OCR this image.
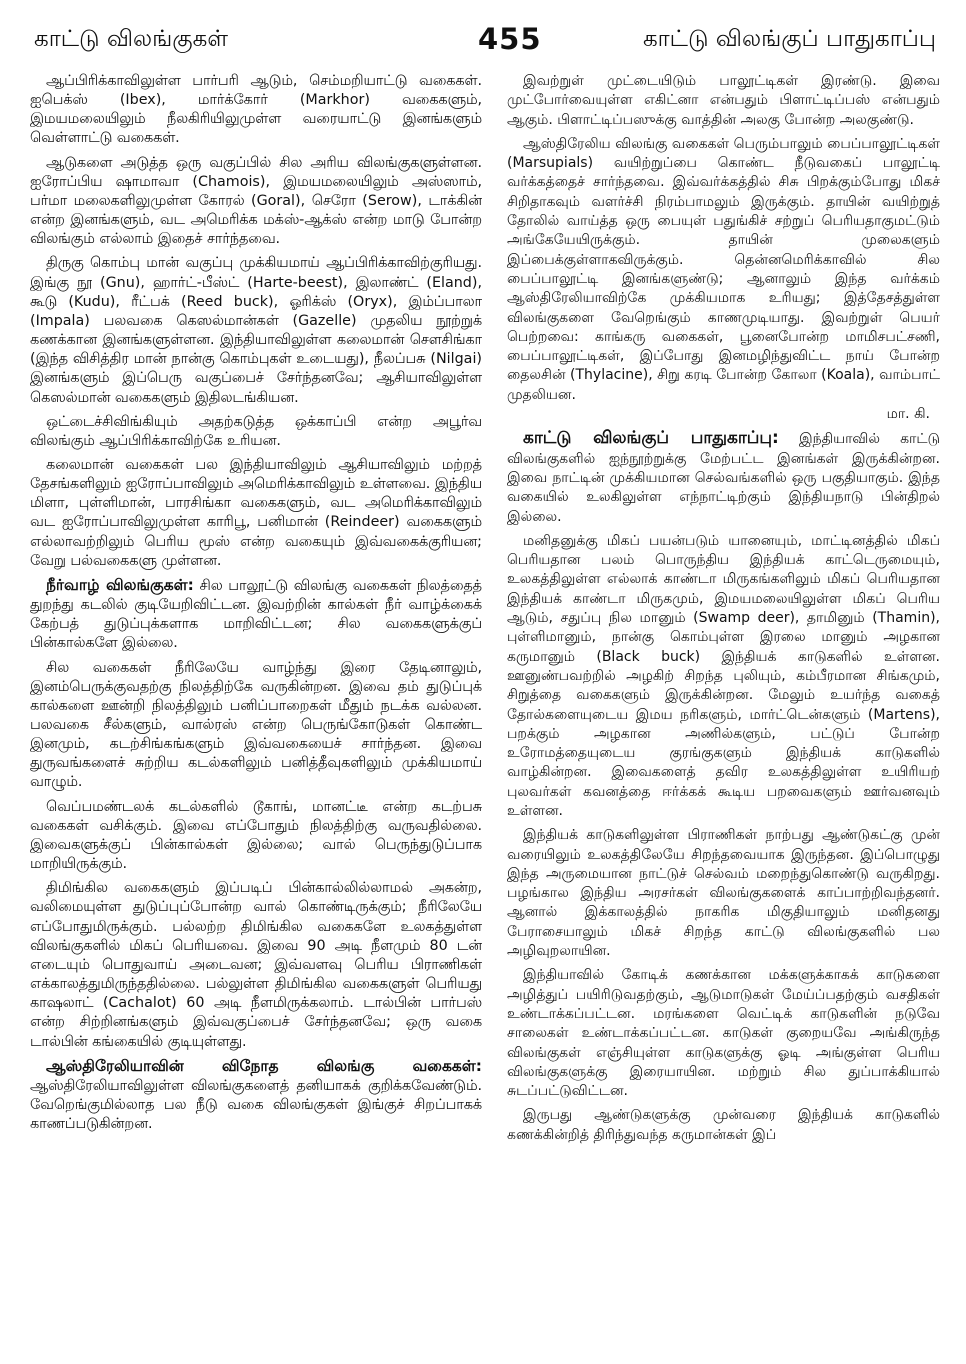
காட்டு விலங்குகள்	455	காட்டு விலங்குப் பாதுகாப்பு

ஆப்பிரிக்காவிலுள்ள பார்பரி ஆடும், செம்மறியாட்டு வகைகள். ஐபெக்ஸ் (Ibex), மார்க்கோர் (Markhor) வகைகளும், இமயமலையிலும் நீலகிரியிலுமுள்ள வரையாட்டு இனங்களும் வெள்ளாட்டு வகைகள்.

ஆடுகளை அடுத்த ஒரு வகுப்பில் சில அரிய விலங்குகளுள்ளன. ஐரோப்பிய ஷாமாவா (Chamois), இமயமலையிலும் அஸ்ஸாம், பர்மா மலைகளிலுமுள்ள கோரல் (Goral), செரோ (Serow), டாக்கின் என்ற இனங்களும், வட அமெரிக்க மக்ஸ்-ஆக்ஸ் என்ற மாடு போன்ற விலங்கும் எல்லாம் இதைச் சார்ந்தவை.

திருகு கொம்பு மான் வகுப்பு முக்கியமாய் ஆப்பிரிக்காவிற்குரியது. இங்கு நூ (Gnu), ஹார்ட்-பீஸ்ட் (Harte-beest), இலாண்ட் (Eland), கூடு (Kudu), ரீட்பக் (Reed buck), ஓரிக்ஸ் (Oryx), இம்ப்பாலா (Impala) பலவகை கெஸல்மான்கள் (Gazelle) முதலிய நூற்றுக் கணக்கான இனங்களுள்ளன. இந்தியாவிலுள்ள கலைமான் சௌசிங்கா (இந்த விசித்திர மான் நான்கு கொம்புகள் உடையது), நீலப்பசு (Nilgai) இனங்களும் இப்பெரு வகுப்பைச் சேர்ந்தனவே; ஆசியாவிலுள்ள கெஸல்மான் வகைகளும் இதிலடங்கியன.

ஒட்டைச்சிவிங்கியும் அதற்கடுத்த ஒக்காப்பி என்ற அபூர்வ விலங்கும் ஆப்பிரிக்காவிற்கே உரியன.

கலைமான் வகைகள் பல இந்தியாவிலும் ஆசியாவிலும் மற்றத் தேசங்களிலும் ஐரோப்பாவிலும் அமெரிக்காவிலும் உள்ளவை. இந்திய மிளா, புள்ளிமான், பாரசிங்கா வகைகளும், வட அமெரிக்காவிலும் வட ஐரோப்பாவிலுமுள்ள காரிபூ, பனிமான் (Reindeer) வகைகளும் எல்லாவற்றிலும் பெரிய மூஸ் என்ற வகையும் இவ்வகைக்குரியன; வேறு பல்வகைகளு முள்ளன.

நீர்வாழ் விலங்குகள்: சில பாலூட்டு விலங்கு வகைகள் நிலத்தைத் துறந்து கடலில் குடியேறிவிட்டன. இவற்றின் கால்கள் நீர் வாழ்க்கைக் கேற்பத் துடுப்புக்களாக மாறிவிட்டன; சில வகைகளுக்குப் பின்கால்களே இல்லை.

சில வகைகள் நீரிலேயே வாழ்ந்து இரை தேடினாலும், இனம்பெருக்குவதற்கு நிலத்திற்கே வருகின்றன. இவை தம் துடுப்புக் கால்களை ஊன்றி நிலத்திலும் பனிப்பாறைகள் மீதும் நடக்க வல்லன. பலவகை சீல்களும், வால்ரஸ் என்ற பெருங்கோடுகள் கொண்ட இனமும், கடற்சிங்கங்களும் இவ்வகையைச் சார்ந்தன. இவை துருவங்களைச் சுற்றிய கடல்களிலும் பனித்தீவுகளிலும் முக்கியமாய் வாழும்.

வெப்பமண்டலக் கடல்களில் டூகாங், மானட்டீ என்ற கடற்பசு வகைகள் வசிக்கும். இவை எப்போதும் நிலத்திற்கு வருவதில்லை. இவைகளுக்குப் பின்கால்கள் இல்லை; வால் பெருந்துடுப்பாக மாறியிருக்கும்.

திமிங்கில வகைகளும் இப்படிப் பின்கால்லில்லாமல் அகன்ற, வலிமையுள்ள துடுப்புப்போன்ற வால் கொண்டிருக்கும்; நீரிலேயே எப்போதுமிருக்கும். பல்லற்ற திமிங்கில வகைகளே உலகத்துள்ள விலங்குகளில் மிகப் பெரியவை. இவை 90 அடி நீளமும் 80 டன் எடையும் பொதுவாய் அடைவன; இவ்வளவு பெரிய பிராணிகள் எக்காலத்துமிருந்ததில்லை. பல்லுள்ள திமிங்கில வகைகளுள் பெரியது காஷலாட் (Cachalot) 60 அடி நீளமிருக்கலாம். டால்பின் பார்பஸ் என்ற சிற்றினங்களும் இவ்வகுப்பைச் சேர்ந்தனவே; ஒரு வகை டால்பின் கங்கையில் குடியுள்ளது.

ஆஸ்திரேலியாவின் விநோத விலங்கு வகைகள்: ஆஸ்திரேலியாவிலுள்ள விலங்குகளைத் தனியாகக் குறிக்கவேண்டும். வேறெங்குமில்லாத பல நீடு வகை விலங்குகள் இங்குச் சிறப்பாகக் காணப்படுகின்றன.

இவற்றுள் முட்டையிடும் பாலூட்டிகள் இரண்டு. இவை முட்போர்வையுள்ள எகிட்னா என்பதும் பிளாட்டிப்பஸ் என்பதும் ஆகும். பிளாட்டிப்பஸுக்கு வாத்தின் அலகு போன்ற அலகுண்டு.

ஆஸ்திரேலிய விலங்கு வகைகள் பெரும்பாலும் பைப்பாலூட்டிகள் (Marsupials) வயிற்றுப்பை கொண்ட நீடுவகைப் பாலூட்டி வர்க்கத்தைச் சார்ந்தவை. இவ்வர்க்கத்தில் சிசு பிறக்கும்போது மிகச் சிறிதாகவும் வளர்ச்சி நிரம்பாமலும் இருக்கும். தாயின் வயிற்றுத் தோலில் வாய்த்த ஒரு பையுள் பதுங்கிச் சற்றுப் பெரியதாகுமட்டும் அங்கேயேயிருக்கும். தாயின் முலைகளும் இப்பைக்குள்ளாகவிருக்கும். தென்னமெரிக்காவில் சில பைப்பாலூட்டி இனங்களுண்டு; ஆனாலும் இந்த வர்க்கம் ஆஸ்திரேலியாவிற்கே முக்கியமாக உரியது; இத்தேசத்துள்ள விலங்குகளை வேறெங்கும் காணமுடியாது. இவற்றுள் பெயர் பெற்றவை: காங்கரு வகைகள், பூனைபோன்ற மாமிசபட்சணி, பைப்பாலூட்டிகள், இப்போது இனமழிந்துவிட்ட நாய் போன்ற தைலசின் (Thylacine), சிறு கரடி போன்ற கோலா (Koala), வாம்பாட் முதலியன.
மா. கி.

காட்டு விலங்குப் பாதுகாப்பு: இந்தியாவில் காட்டு விலங்குகளில் ஐந்நூற்றுக்கு மேற்பட்ட இனங்கள் இருக்கின்றன. இவை நாட்டின் முக்கியமான செல்வங்களில் ஒரு பகுதியாகும். இந்த வகையில் உலகிலுள்ள எந்நாட்டிற்கும் இந்தியநாடு பின்திறல் இல்லை.

மனிதனுக்கு மிகப் பயன்படும் யானையும், மாட்டினத்தில் மிகப் பெரியதான பலம் பொருந்திய இந்தியக் காட்டெருமையும், உலகத்திலுள்ள எல்லாக் காண்டா மிருகங்களிலும் மிகப் பெரியதான இந்தியக் காண்டா மிருகமும், இமயமலையிலுள்ள மிகப் பெரிய ஆடும், சதுப்பு நில மானும் (Swamp deer), தாமினும் (Thamin), புள்ளிமானும், நான்கு கொம்புள்ள இரலை மானும் அழகான கருமானும் (Black buck) இந்தியக் காடுகளில் உள்ளன. ஊனுண்பவற்றில் அழகிற் சிறந்த புலியும், கம்பீரமான சிங்கமும், சிறுத்தை வகைகளும் இருக்கின்றன. மேலும் உயர்ந்த வகைத் தோல்களையுடைய இமய நரிகளும், மார்ட்டென்களும் (Martens), பறக்கும் அழகான அணில்களும், பட்டுப் போன்ற உரோமத்தையுடைய குரங்குகளும் இந்தியக் காடுகளில் வாழ்கின்றன. இவைகளைத் தவிர உலகத்திலுள்ள உயிரியற் புலவர்கள் கவனத்தை ஈர்க்கக் கூடிய பறவைகளும் ஊர்வனவும் உள்ளன.

இந்தியக் காடுகளிலுள்ள பிராணிகள் நாற்பது ஆண்டுகட்கு முன் வரையிலும் உலகத்திலேயே சிறந்தவையாக இருந்தன. இப்பொழுது இந்த அருமையான நாட்டுச் செல்வம் மறைந்துகொண்டு வருகிறது. பழங்கால இந்திய அரசர்கள் விலங்குகளைக் காப்பாற்றிவந்தனர். ஆனால் இக்காலத்தில் நாகரிக மிகுதியாலும் மனிதனது பேராசையாலும் மிகச் சிறந்த காட்டு விலங்குகளில் பல அழிவுறலாயின.

இந்தியாவில் கோடிக் கணக்கான மக்களுக்காகக் காடுகளை அழித்துப் பயிரிடுவதற்கும், ஆடுமாடுகள் மேய்ப்பதற்கும் வசதிகள் உண்டாக்கப்பட்டன. மரங்களை வெட்டிக் காடுகளின் நடுவே சாலைகள் உண்டாக்கப்பட்டன. காடுகள் குறையவே அங்கிருந்த விலங்குகள் எஞ்சியுள்ள காடுகளுக்கு ஓடி அங்குள்ள பெரிய விலங்குகளுக்கு இரையாயின. மற்றும் சில துப்பாக்கியால் சுடப்பட்டுவிட்டன.

இருபது ஆண்டுகளுக்கு முன்வரை இந்தியக் காடுகளில் கணக்கின்றித் திரிந்துவந்த கருமான்கள் இப்
